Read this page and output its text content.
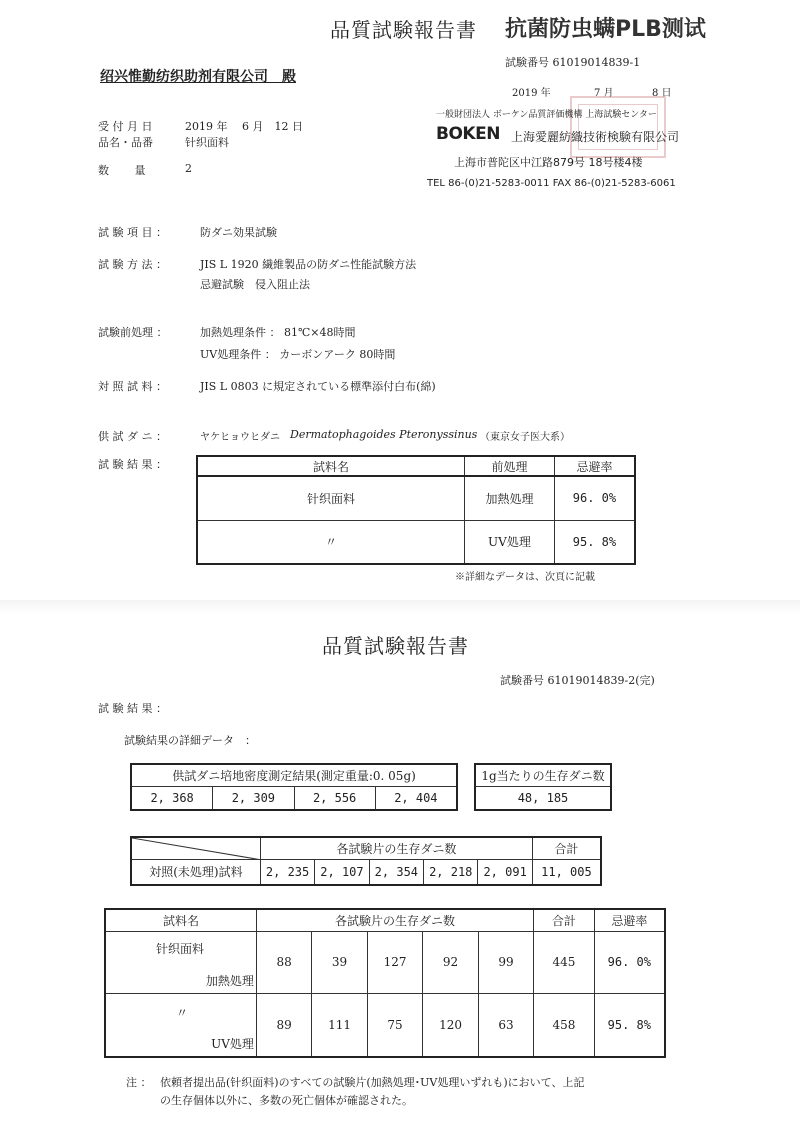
品質試験報告書 抗菌防虫螨PLB测试
試験番号 61019014839-1
绍兴惟勤纺织助剂有限公司　殿
2019 年	7 月	8 日
一般財団法人 ボーケン品質評価機構 上海試験センター
BOKEN 上海愛麗紡織技術検験有限公司
上海市普陀区中江路879号 18号楼4楼
TEL 86-(0)21-5283-0011 FAX 86-(0)21-5283-6061
受 付 月 日	2019 年　 6 月　12 日
品名・品番	针织面料
数　　 量	2
試 験 項 目 ：	防ダニ効果試験
試 験 方 法 ：	JIS L 1920 繊維製品の防ダニ性能試験方法
忌避試験　侵入阻止法
試験前処理 ：	加熱処理条件 ： 81℃×48時間
UV処理条件 ： カーボンアーク 80時間
対 照 試 料 ：	JIS L 0803 に規定されている標準添付白布(綿)
供 試 ダ ニ ：	ヤケヒョウヒダニ Dermatophagoides Pteronyssinus （東京女子医大系）
試 験 結 果 ：	試料名	前処理	忌避率
针织面料	加熱処理	96. 0%
〃	UV処理	95. 8%
※詳細なデータは、次頁に記載
品質試験報告書
試験番号 61019014839-2(完)
試 験 結 果 ：
試験結果の詳細データ　：
供試ダニ培地密度測定結果(測定重量:0. 05g)
2, 368	2, 309	2, 556	2, 404
1g当たりの生存ダニ数
48, 185
	各試験片の生存ダニ数					合計
対照(未処理)試料	2, 235	2, 107	2, 354	2, 218	2, 091	11, 005
試料名	各試験片の生存ダニ数					合計	忌避率

针织面料
加熱処理	88	39	127	92	99	445	96. 0%

〃
UV処理	89	111	75	120	63	458	95. 8%
注 ： 依頼者提出品(针织面料)のすべての試験片(加熱処理･UV処理いずれも)において、上記
の生存個体以外に、多数の死亡個体が確認された。
